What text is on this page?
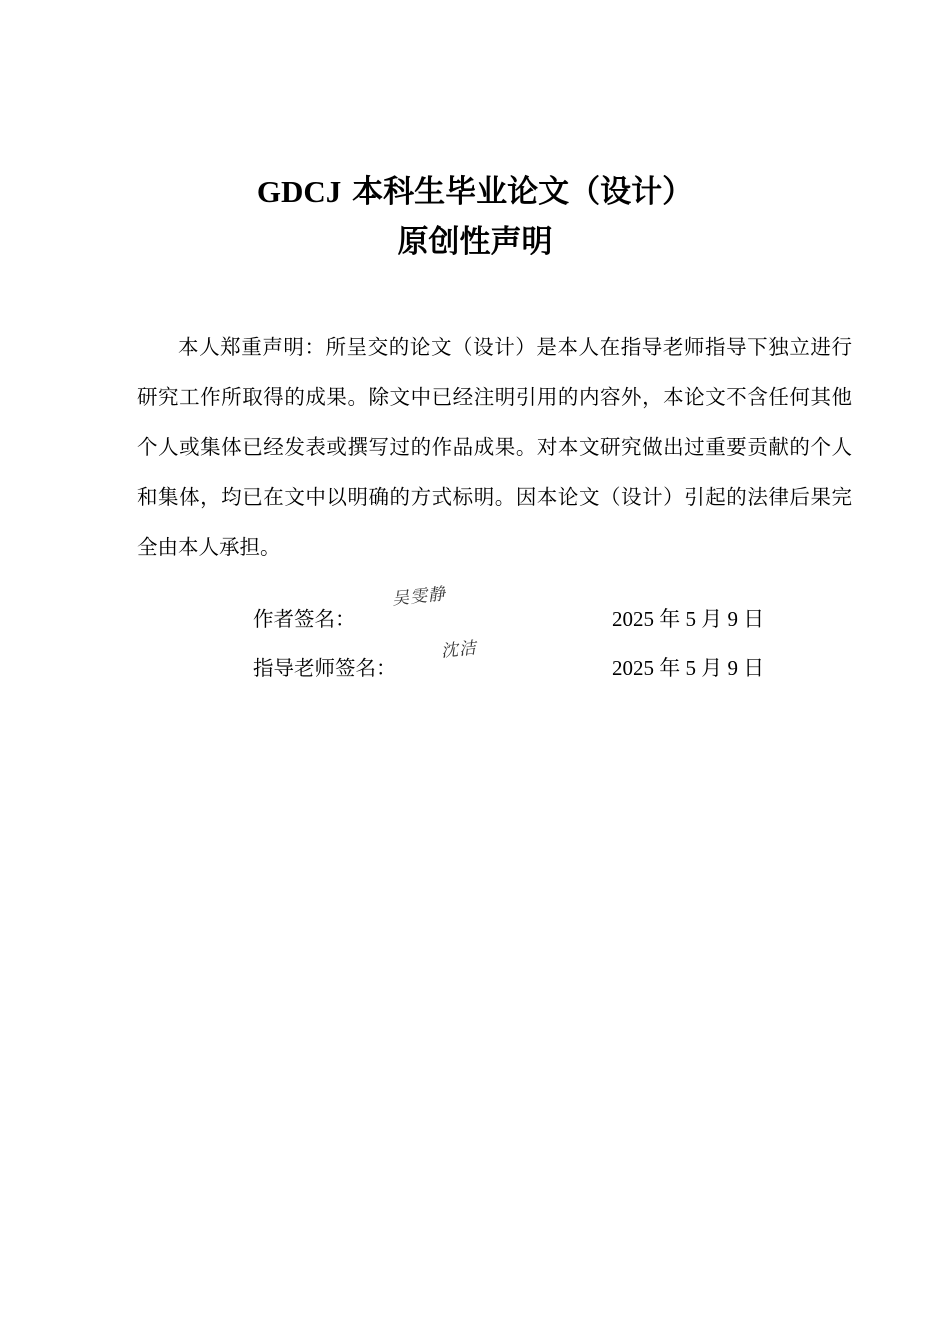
GDCJ 本科生毕业论文（设计）
原创性声明

本人郑重声明：所呈交的论文（设计）是本人在指导老师指导下独立进行研究工作所取得的成果。除文中已经注明引用的内容外，本论文不含任何其他个人或集体已经发表或撰写过的作品成果。对本文研究做出过重要贡献的个人和集体，均已在文中以明确的方式标明。因本论文（设计）引起的法律后果完全由本人承担。

作者签名：
吴雯静
2025 年 5 月 9 日
指导老师签名：
沈洁
2025 年 5 月 9 日
